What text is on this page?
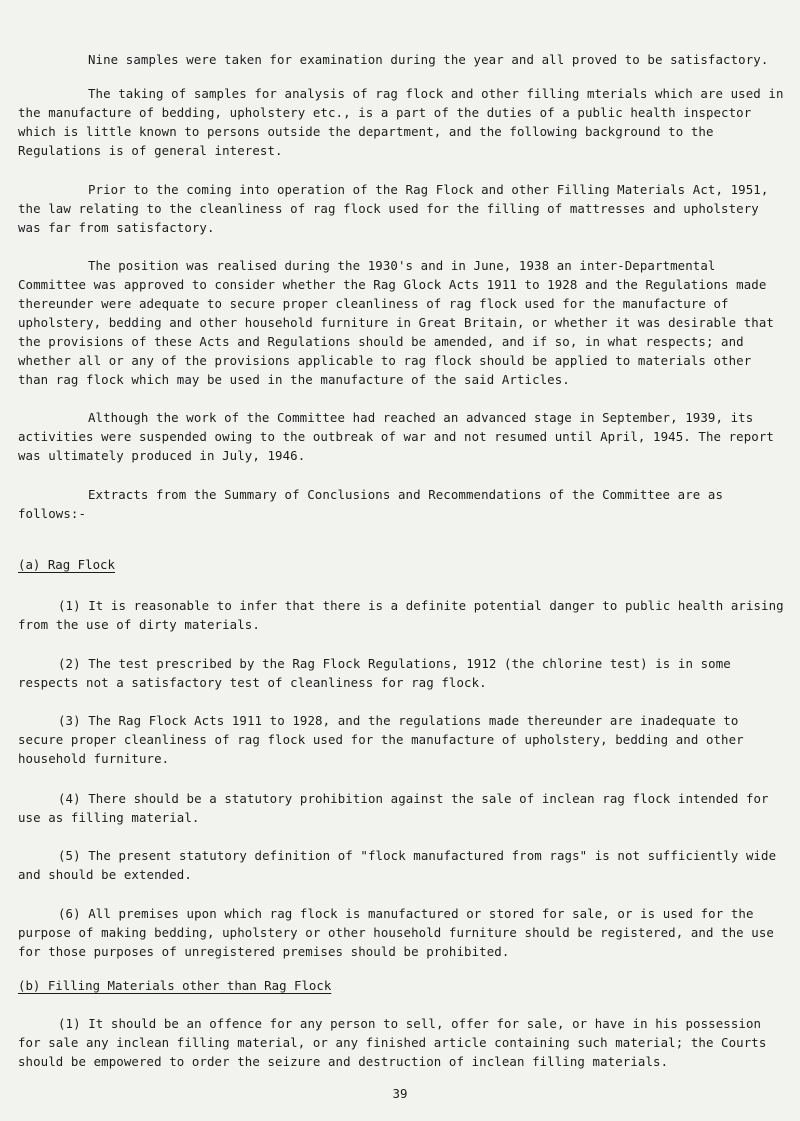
Nine samples were taken for examination during the year and all proved to be satisfactory.

The taking of samples for analysis of rag flock and other filling mterials which are used in the manufacture of bedding, upholstery etc., is a part of the duties of a public health inspector which is little known to persons outside the department, and the following background to the Regulations is of general interest.

Prior to the coming into operation of the Rag Flock and other Filling Materials Act, 1951, the law relating to the cleanliness of rag flock used for the filling of mattresses and upholstery was far from satisfactory.

The position was realised during the 1930's and in June, 1938 an inter-Departmental Committee was approved to consider whether the Rag Glock Acts 1911 to 1928 and the Regulations made thereunder were adequate to secure proper cleanliness of rag flock used for the manufacture of upholstery, bedding and other household furniture in Great Britain, or whether it was desirable that the provisions of these Acts and Regulations should be amended, and if so, in what respects; and whether all or any of the provisions applicable to rag flock should be applied to materials other than rag flock which may be used in the manufacture of the said Articles.

Although the work of the Committee had reached an advanced stage in September, 1939, its activities were suspended owing to the outbreak of war and not resumed until April, 1945. The report was ultimately produced in July, 1946.

Extracts from the Summary of Conclusions and Recommendations of the Committee are as follows:-

(a) Rag Flock

(1) It is reasonable to infer that there is a definite potential danger to public health arising from the use of dirty materials.

(2) The test prescribed by the Rag Flock Regulations, 1912 (the chlorine test) is in some respects not a satisfactory test of cleanliness for rag flock.

(3) The Rag Flock Acts 1911 to 1928, and the regulations made thereunder are inadequate to secure proper cleanliness of rag flock used for the manufacture of upholstery, bedding and other household furniture.

(4) There should be a statutory prohibition against the sale of inclean rag flock intended for use as filling material.

(5) The present statutory definition of "flock manufactured from rags" is not sufficiently wide and should be extended.

(6) All premises upon which rag flock is manufactured or stored for sale, or is used for the purpose of making bedding, upholstery or other household furniture should be registered, and the use for those purposes of unregistered premises should be prohibited.

(b) Filling Materials other than Rag Flock

(1) It should be an offence for any person to sell, offer for sale, or have in his possession for sale any inclean filling material, or any finished article containing such material; the Courts should be empowered to order the seizure and destruction of inclean filling materials.

39
